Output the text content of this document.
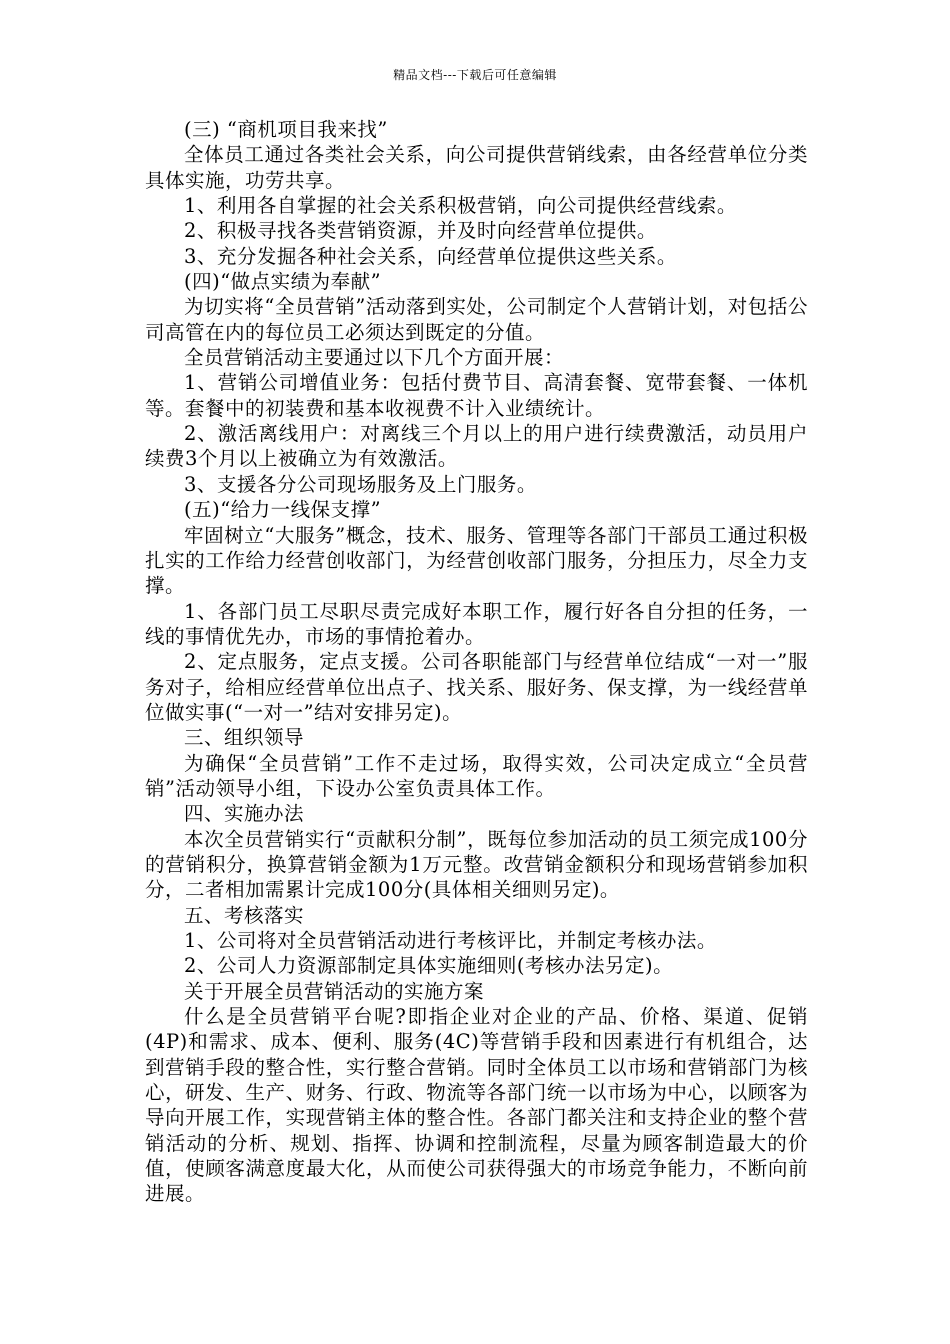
精品文档---下载后可任意编辑

(三) “商机项目我来找”

全体员工通过各类社会关系，向公司提供营销线索，由各经营单位分类具体实施，功劳共享。

1、利用各自掌握的社会关系积极营销，向公司提供经营线索。

2、积极寻找各类营销资源，并及时向经营单位提供。

3、充分发掘各种社会关系，向经营单位提供这些关系。

(四)“做点实绩为奉献”

为切实将“全员营销”活动落到实处，公司制定个人营销计划，对包括公司高管在内的每位员工必须达到既定的分值。

全员营销活动主要通过以下几个方面开展：

1、营销公司增值业务：包括付费节目、高清套餐、宽带套餐、一体机等。套餐中的初装费和基本收视费不计入业绩统计。

2、激活离线用户：对离线三个月以上的用户进行续费激活，动员用户续费3个月以上被确立为有效激活。

3、支援各分公司现场服务及上门服务。

(五)“给力一线保支撑”

牢固树立“大服务”概念，技术、服务、管理等各部门干部员工通过积极扎实的工作给力经营创收部门，为经营创收部门服务，分担压力，尽全力支撑。

1、各部门员工尽职尽责完成好本职工作，履行好各自分担的任务，一线的事情优先办，市场的事情抢着办。

2、定点服务，定点支援。公司各职能部门与经营单位结成“一对一”服务对子，给相应经营单位出点子、找关系、服好务、保支撑，为一线经营单位做实事(“一对一”结对安排另定)。

三、组织领导

为确保“全员营销”工作不走过场，取得实效，公司决定成立“全员营销”活动领导小组，下设办公室负责具体工作。

四、实施办法

本次全员营销实行“贡献积分制”，既每位参加活动的员工须完成100分的营销积分，换算营销金额为1万元整。改营销金额积分和现场营销参加积分，二者相加需累计完成100分(具体相关细则另定)。

五、考核落实

1、公司将对全员营销活动进行考核评比，并制定考核办法。

2、公司人力资源部制定具体实施细则(考核办法另定)。

关于开展全员营销活动的实施方案

什么是全员营销平台呢?即指企业对企业的产品、价格、渠道、促销(4P)和需求、成本、便利、服务(4C)等营销手段和因素进行有机组合，达到营销手段的整合性，实行整合营销。同时全体员工以市场和营销部门为核心，研发、生产、财务、行政、物流等各部门统一以市场为中心，以顾客为导向开展工作，实现营销主体的整合性。各部门都关注和支持企业的整个营销活动的分析、规划、指挥、协调和控制流程，尽量为顾客制造最大的价值，使顾客满意度最大化，从而使公司获得强大的市场竞争能力，不断向前进展。
